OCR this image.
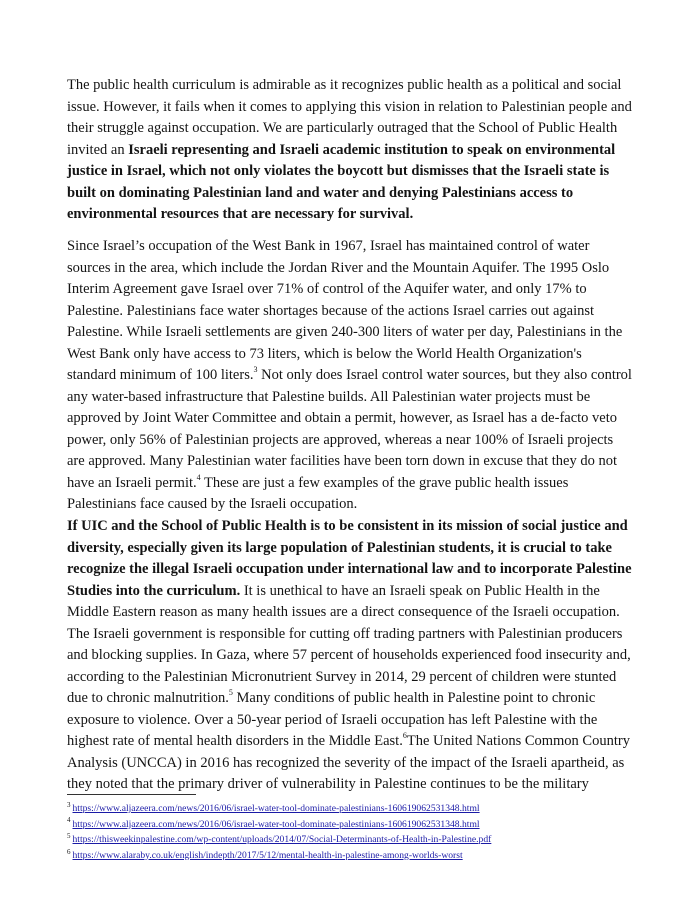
The public health curriculum is admirable as it recognizes public health as a political and social issue. However, it fails when it comes to applying this vision in relation to Palestinian people and their struggle against occupation. We are particularly outraged that the School of Public Health invited an Israeli representing and Israeli academic institution to speak on environmental justice in Israel, which not only violates the boycott but dismisses that the Israeli state is built on dominating Palestinian land and water and denying Palestinians access to environmental resources that are necessary for survival.

Since Israel’s occupation of the West Bank in 1967, Israel has maintained control of water sources in the area, which include the Jordan River and the Mountain Aquifer. The 1995 Oslo Interim Agreement gave Israel over 71% of control of the Aquifer water, and only 17% to Palestine. Palestinians face water shortages because of the actions Israel carries out against Palestine. While Israeli settlements are given 240-300 liters of water per day, Palestinians in the West Bank only have access to 73 liters, which is below the World Health Organization's standard minimum of 100 liters.$^3$ Not only does Israel control water sources, but they also control any water-based infrastructure that Palestine builds. All Palestinian water projects must be approved by Joint Water Committee and obtain a permit, however, as Israel has a de-facto veto power, only 56% of Palestinian projects are approved, whereas a near 100% of Israeli projects are approved. Many Palestinian water facilities have been torn down in excuse that they do not have an Israeli permit.$^4$ These are just a few examples of the grave public health issues Palestinians face caused by the Israeli occupation.

If UIC and the School of Public Health is to be consistent in its mission of social justice and diversity, especially given its large population of Palestinian students, it is crucial to take recognize the illegal Israeli occupation under international law and to incorporate Palestine Studies into the curriculum. It is unethical to have an Israeli speak on Public Health in the Middle Eastern reason as many health issues are a direct consequence of the Israeli occupation. The Israeli government is responsible for cutting off trading partners with Palestinian producers and blocking supplies. In Gaza, where 57 percent of households experienced food insecurity and, according to the Palestinian Micronutrient Survey in 2014, 29 percent of children were stunted due to chronic malnutrition.$^5$ Many conditions of public health in Palestine point to chronic exposure to violence. Over a 50-year period of Israeli occupation has left Palestine with the highest rate of mental health disorders in the Middle East.$^6$The United Nations Common Country Analysis (UNCCA) in 2016 has recognized the severity of the impact of the Israeli apartheid, as they noted that the primary driver of vulnerability in Palestine continues to be the military

$^3$ https://www.aljazeera.com/news/2016/06/israel-water-tool-dominate-palestinians-160619062531348.html
$^4$ https://www.aljazeera.com/news/2016/06/israel-water-tool-dominate-palestinians-160619062531348.html
$^5$ https://thisweekinpalestine.com/wp-content/uploads/2014/07/Social-Determinants-of-Health-in-Palestine.pdf
$^6$ https://www.alaraby.co.uk/english/indepth/2017/5/12/mental-health-in-palestine-among-worlds-worst
